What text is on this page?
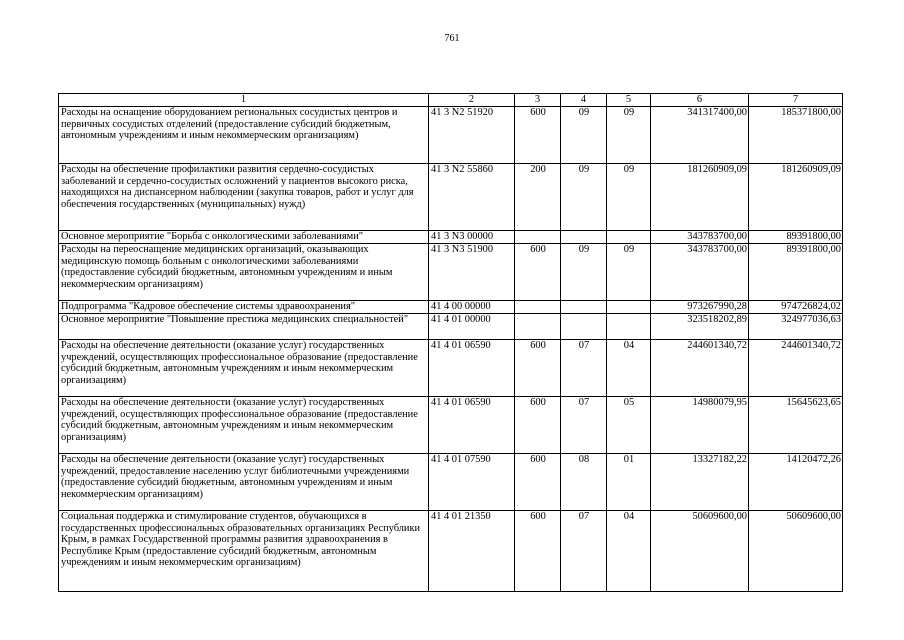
761
1	2	3	4	5	6	7
Расходы на оснащение оборудованием региональных сосудистых центров и первичных сосудистых отделений (предоставление субсидий бюджетным, автономным учреждениям и иным некоммерческим организациям)	41 3 N2 51920	600	09	09	341317400,00	185371800,00
Расходы на обеспечение профилактики развития сердечно-сосудистых заболеваний и сердечно-сосудистых осложнений у пациентов высокого риска, находящихся на диспансерном наблюдении (закупка товаров, работ и услуг для обеспечения государственных (муниципальных) нужд)	41 3 N2 55860	200	09	09	181260909,09	181260909,09
Основное мероприятие "Борьба с онкологическими заболеваниями"	41 3 N3 00000				343783700,00	89391800,00
Расходы на переоснащение медицинских организаций, оказывающих медицинскую помощь больным с онкологическими заболеваниями (предоставление субсидий бюджетным, автономным учреждениям и иным некоммерческим организациям)	41 3 N3 51900	600	09	09	343783700,00	89391800,00
Подпрограмма "Кадровое обеспечение системы здравоохранения"	41 4 00 00000				973267990,28	974726824,02
Основное мероприятие "Повышение престижа медицинских специальностей"	41 4 01 00000				323518202,89	324977036,63
Расходы на обеспечение деятельности (оказание услуг) государственных учреждений, осуществляющих профессиональное образование (предоставление субсидий бюджетным, автономным учреждениям и иным некоммерческим организациям)	41 4 01 06590	600	07	04	244601340,72	244601340,72
Расходы на обеспечение деятельности (оказание услуг) государственных учреждений, осуществляющих профессиональное образование (предоставление субсидий бюджетным, автономным учреждениям и иным некоммерческим организациям)	41 4 01 06590	600	07	05	14980079,95	15645623,65
Расходы на обеспечение деятельности (оказание услуг) государственных учреждений, предоставление населению услуг библиотечными учреждениями (предоставление субсидий бюджетным, автономным учреждениям и иным некоммерческим организациям)	41 4 01 07590	600	08	01	13327182,22	14120472,26
Социальная поддержка и стимулирование студентов, обучающихся в государственных профессиональных образовательных организациях Республики Крым, в рамках Государственной программы развития здравоохранения в Республике Крым (предоставление субсидий бюджетным, автономным учреждениям и иным некоммерческим организациям)	41 4 01 21350	600	07	04	50609600,00	50609600,00
